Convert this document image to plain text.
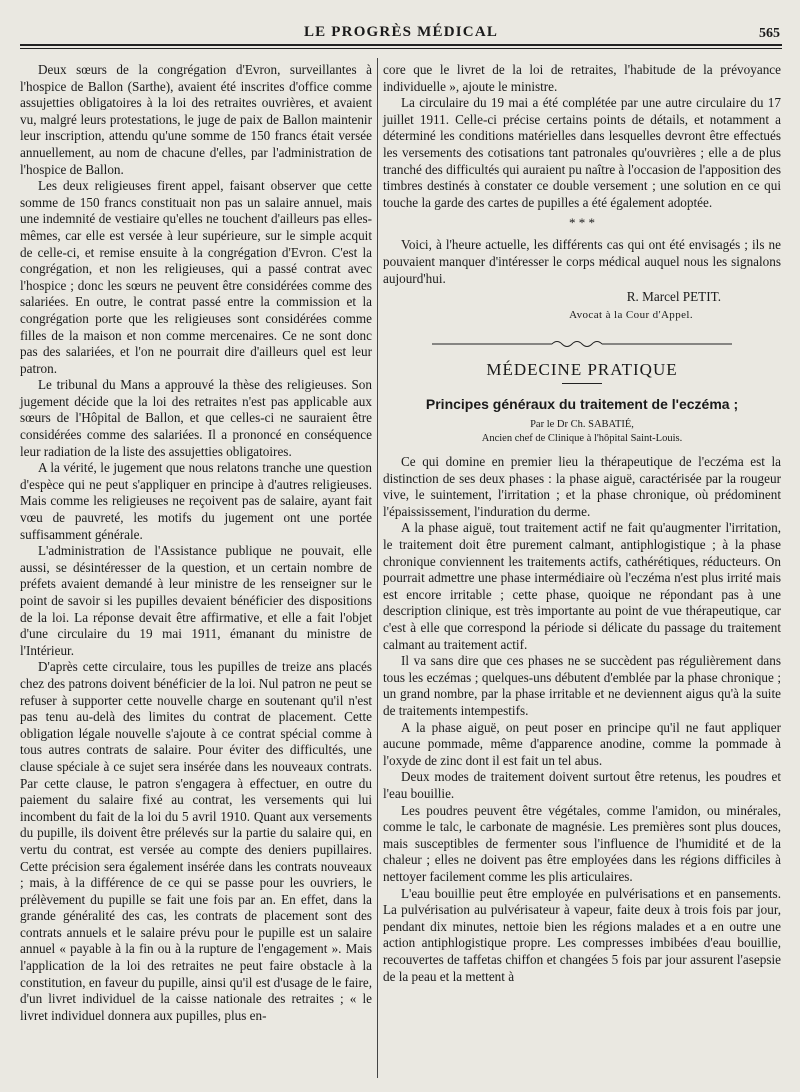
LE PROGRÈS MÉDICAL	565

Deux sœurs de la congrégation d'Evron, surveillantes à l'hospice de Ballon (Sarthe), avaient été inscrites d'office comme assujetties obligatoires à la loi des retraites ouvrières, et avaient vu, malgré leurs protestations, le juge de paix de Ballon maintenir leur inscription, attendu qu'une somme de 150 francs était versée annuellement, au nom de chacune d'elles, par l'administration de l'hospice de Ballon.

Les deux religieuses firent appel, faisant observer que cette somme de 150 francs constituait non pas un salaire annuel, mais une indemnité de vestiaire qu'elles ne touchent d'ailleurs pas elles-mêmes, car elle est versée à leur supérieure, sur le simple acquit de celle-ci, et remise ensuite à la congrégation d'Evron. C'est la congrégation, et non les religieuses, qui a passé contrat avec l'hospice ; donc les sœurs ne peuvent être considérées comme des salariées. En outre, le contrat passé entre la commission et la congrégation porte que les religieuses sont considérées comme filles de la maison et non comme mercenaires. Ce ne sont donc pas des salariées, et l'on ne pourrait dire d'ailleurs quel est leur patron.

Le tribunal du Mans a approuvé la thèse des religieuses. Son jugement décide que la loi des retraites n'est pas applicable aux sœurs de l'Hôpital de Ballon, et que celles-ci ne sauraient être considérées comme des salariées. Il a prononcé en conséquence leur radiation de la liste des assujetties obligatoires.

A la vérité, le jugement que nous relatons tranche une question d'espèce qui ne peut s'appliquer en principe à d'autres religieuses. Mais comme les religieuses ne reçoivent pas de salaire, ayant fait vœu de pauvreté, les motifs du jugement ont une portée suffisamment générale.

L'administration de l'Assistance publique ne pouvait, elle aussi, se désintéresser de la question, et un certain nombre de préfets avaient demandé à leur ministre de les renseigner sur le point de savoir si les pupilles devaient bénéficier des dispositions de la loi. La réponse devait être affirmative, et elle a fait l'objet d'une circulaire du 19 mai 1911, émanant du ministre de l'Intérieur.

D'après cette circulaire, tous les pupilles de treize ans placés chez des patrons doivent bénéficier de la loi. Nul patron ne peut se refuser à supporter cette nouvelle charge en soutenant qu'il n'est pas tenu au-delà des limites du contrat de placement. Cette obligation légale nouvelle s'ajoute à ce contrat spécial comme à tous autres contrats de salaire. Pour éviter des difficultés, une clause spéciale à ce sujet sera insérée dans les nouveaux contrats. Par cette clause, le patron s'engagera à effectuer, en outre du paiement du salaire fixé au contrat, les versements qui lui incombent du fait de la loi du 5 avril 1910. Quant aux versements du pupille, ils doivent être prélevés sur la partie du salaire qui, en vertu du contrat, est versée au compte des deniers pupillaires. Cette précision sera également insérée dans les contrats nouveaux ; mais, à la différence de ce qui se passe pour les ouvriers, le prélèvement du pupille se fait une fois par an. En effet, dans la grande généralité des cas, les contrats de placement sont des contrats annuels et le salaire prévu pour le pupille est un salaire annuel « payable à la fin ou à la rupture de l'engagement ». Mais l'application de la loi des retraites ne peut faire obstacle à la constitution, en faveur du pupille, ainsi qu'il est d'usage de le faire, d'un livret individuel de la caisse nationale des retraites ; « le livret individuel donnera aux pupilles, plus en-

core que le livret de la loi de retraites, l'habitude de la prévoyance individuelle », ajoute le ministre.

La circulaire du 19 mai a été complétée par une autre circulaire du 17 juillet 1911. Celle-ci précise certains points de détails, et notamment a déterminé les conditions matérielles dans lesquelles devront être effectués les versements des cotisations tant patronales qu'ouvrières ; elle a de plus tranché des difficultés qui auraient pu naître à l'occasion de l'apposition des timbres destinés à constater ce double versement ; une solution en ce qui touche la garde des cartes de pupilles a été également adoptée.

* * *

Voici, à l'heure actuelle, les différents cas qui ont été envisagés ; ils ne pouvaient manquer d'intéresser le corps médical auquel nous les signalons aujourd'hui.

R. Marcel PETIT.

Avocat à la Cour d'Appel.

MÉDECINE PRATIQUE
Principes généraux du traitement de l'eczéma ;
Par le Dr Ch. SABATIÉ,
Ancien chef de Clinique à l'hôpital Saint-Louis.

Ce qui domine en premier lieu la thérapeutique de l'eczéma est la distinction de ses deux phases : la phase aiguë, caractérisée par la rougeur vive, le suintement, l'irritation ; et la phase chronique, où prédominent l'épaississement, l'induration du derme.

A la phase aiguë, tout traitement actif ne fait qu'augmenter l'irritation, le traitement doit être purement calmant, antiphlogistique ; à la phase chronique conviennent les traitements actifs, cathérétiques, réducteurs. On pourrait admettre une phase intermédiaire où l'eczéma n'est plus irrité mais est encore irritable ; cette phase, quoique ne répondant pas à une description clinique, est très importante au point de vue thérapeutique, car c'est à elle que correspond la période si délicate du passage du traitement calmant au traitement actif.

Il va sans dire que ces phases ne se succèdent pas régulièrement dans tous les eczémas ; quelques-uns débutent d'emblée par la phase chronique ; un grand nombre, par la phase irritable et ne deviennent aigus qu'à la suite de traitements intempestifs.

A la phase aiguë, on peut poser en principe qu'il ne faut appliquer aucune pommade, même d'apparence anodine, comme la pommade à l'oxyde de zinc dont il est fait un tel abus.

Deux modes de traitement doivent surtout être retenus, les poudres et l'eau bouillie.

Les poudres peuvent être végétales, comme l'amidon, ou minérales, comme le talc, le carbonate de magnésie. Les premières sont plus douces, mais susceptibles de fermenter sous l'influence de l'humidité et de la chaleur ; elles ne doivent pas être employées dans les régions difficiles à nettoyer facilement comme les plis articulaires.

L'eau bouillie peut être employée en pulvérisations et en pansements. La pulvérisation au pulvérisateur à vapeur, faite deux à trois fois par jour, pendant dix minutes, nettoie bien les régions malades et a en outre une action antiphlogistique propre. Les compresses imbibées d'eau bouillie, recouvertes de taffetas chiffon et changées 5 fois par jour assurent l'asepsie de la peau et la mettent à
